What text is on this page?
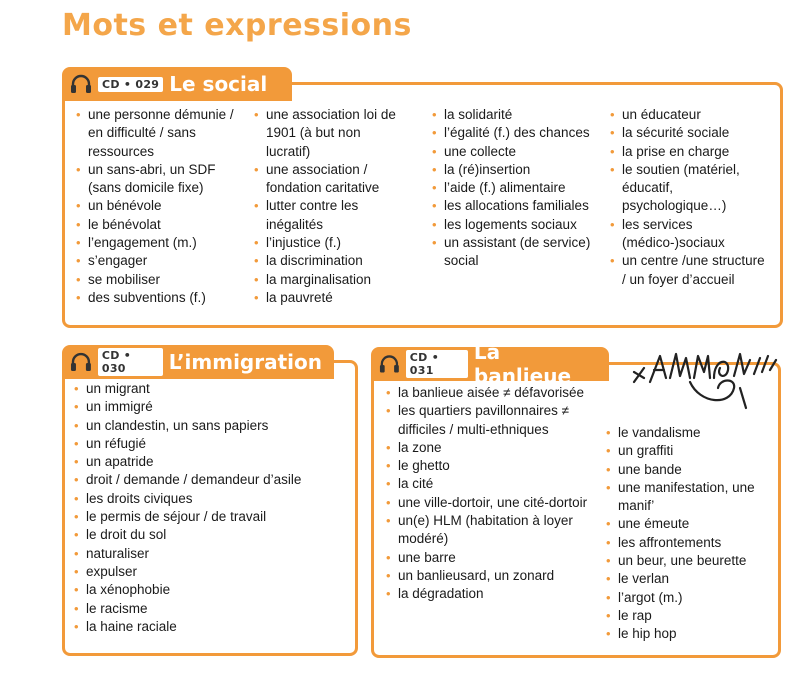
Mots et expressions
CD • 029 Le social
• une personne démunie / en difficulté / sans ressources
• un sans-abri, un SDF (sans domicile fixe)
• un bénévole
• le bénévolat
• l’engagement (m.)
• s’engager
• se mobiliser
• des subventions (f.)
• une association loi de 1901 (à but non lucratif)
• une association / fondation caritative
• lutter contre les inégalités
• l’injustice (f.)
• la discrimination
• la marginalisation
• la pauvreté
• la solidarité
• l’égalité (f.) des chances
• une collecte
• la (ré)insertion
• l’aide (f.) alimentaire
• les allocations familiales
• les logements sociaux
• un assistant (de service) social
• un éducateur
• la sécurité sociale
• la prise en charge
• le soutien (matériel, éducatif, psychologique…)
• les services (médico-)sociaux
• un centre /une structure / un foyer d’accueil
CD • 030	L’immigration
• un migrant
• un immigré
• un clandestin, un sans papiers
• un réfugié
• un apatride
• droit / demande / demandeur d’asile
• les droits civiques
• le permis de séjour / de travail
• le droit du sol
• naturaliser
• expulser
• la xénophobie
• le racisme
• la haine raciale
CD • 031
La banlieue
• la banlieue aisée ≠ défavorisée
• les quartiers pavillonnaires ≠ difficiles / multi-ethniques
• la zone
• le ghetto
• la cité
• une ville-dortoir, une cité-dortoir
• un(e) HLM (habitation à loyer modéré)
• une barre
• un banlieusard, un zonard
• la dégradation
• le vandalisme
• un graffiti
• une bande
• une manifestation, une manif’
• une émeute
• les affrontements
• un beur, une beurette
• le verlan
• l’argot (m.)
• le rap
• le hip hop
